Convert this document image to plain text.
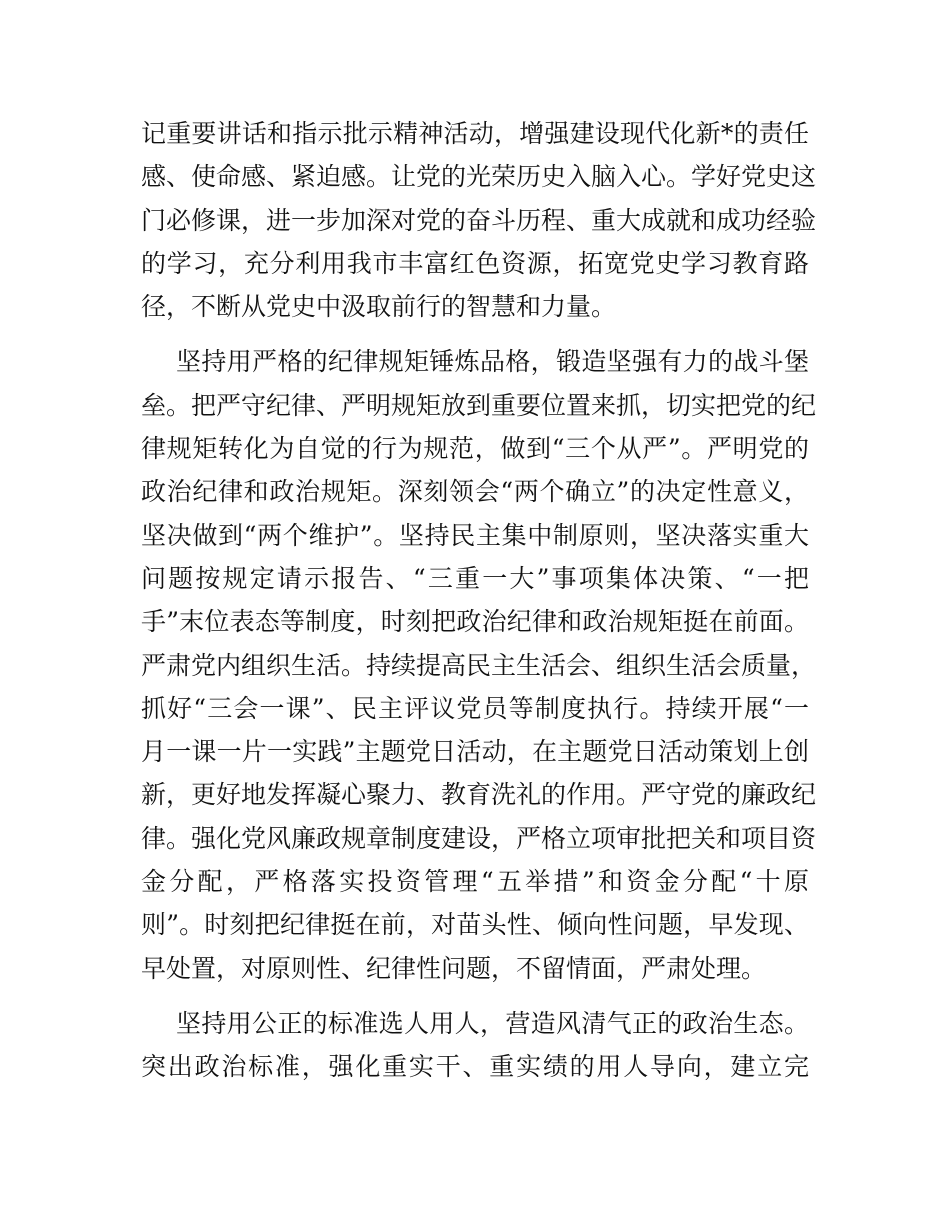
记重要讲话和指示批示精神活动，增强建设现代化新*的责任
感、使命感、紧迫感。让党的光荣历史入脑入心。学好党史这
门必修课，进一步加深对党的奋斗历程、重大成就和成功经验
的学习，充分利用我市丰富红色资源，拓宽党史学习教育路
径，不断从党史中汲取前行的智慧和力量。
坚持用严格的纪律规矩锤炼品格，锻造坚强有力的战斗堡
垒。把严守纪律、严明规矩放到重要位置来抓，切实把党的纪
律规矩转化为自觉的行为规范，做到“三个从严”。严明党的
政治纪律和政治规矩。深刻领会“两个确立”的决定性意义，
坚决做到“两个维护”。坚持民主集中制原则，坚决落实重大
问题按规定请示报告、“三重一大”事项集体决策、“一把
手”末位表态等制度，时刻把政治纪律和政治规矩挺在前面。
严肃党内组织生活。持续提高民主生活会、组织生活会质量，
抓好“三会一课”、民主评议党员等制度执行。持续开展“一
月一课一片一实践”主题党日活动，在主题党日活动策划上创
新，更好地发挥凝心聚力、教育洗礼的作用。严守党的廉政纪
律。强化党风廉政规章制度建设，严格立项审批把关和项目资
金分配，严格落实投资管理“五举措”和资金分配“十原
则”。时刻把纪律挺在前，对苗头性、倾向性问题，早发现、
早处置，对原则性、纪律性问题，不留情面，严肃处理。
坚持用公正的标准选人用人，营造风清气正的政治生态。
突出政治标准，强化重实干、重实绩的用人导向，建立完
